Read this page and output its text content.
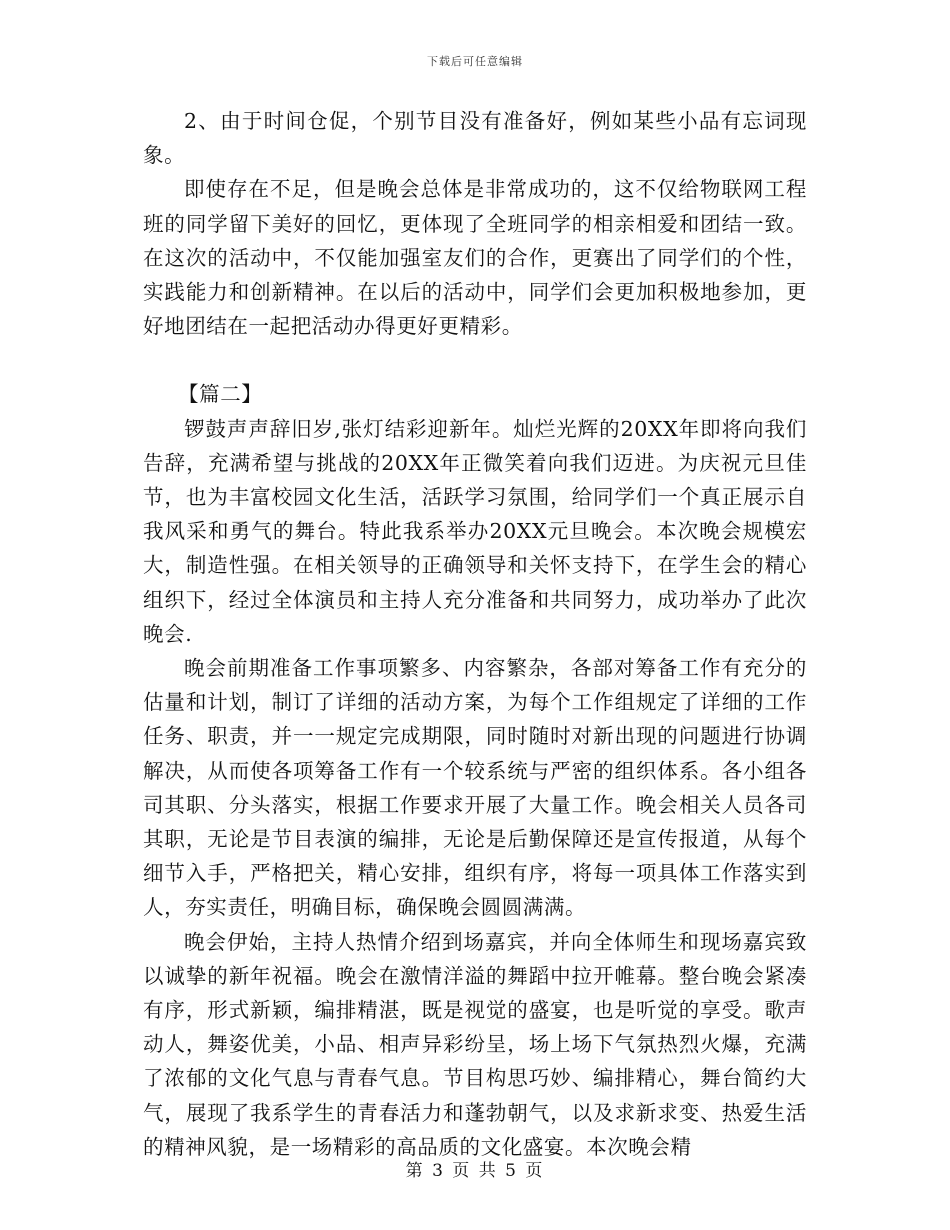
下载后可任意编辑

2、由于时间仓促，个别节目没有准备好，例如某些小品有忘词现象。

即使存在不足，但是晚会总体是非常成功的，这不仅给物联网工程班的同学留下美好的回忆，更体现了全班同学的相亲相爱和团结一致。在这次的活动中，不仅能加强室友们的合作，更赛出了同学们的个性，实践能力和创新精神。在以后的活动中，同学们会更加积极地参加，更好地团结在一起把活动办得更好更精彩。

【篇二】

锣鼓声声辞旧岁,张灯结彩迎新年。灿烂光辉的20XX年即将向我们告辞，充满希望与挑战的20XX年正微笑着向我们迈进。为庆祝元旦佳节，也为丰富校园文化生活，活跃学习氛围，给同学们一个真正展示自我风采和勇气的舞台。特此我系举办20XX元旦晚会。本次晚会规模宏大，制造性强。在相关领导的正确领导和关怀支持下，在学生会的精心组织下，经过全体演员和主持人充分准备和共同努力，成功举办了此次晚会.

晚会前期准备工作事项繁多、内容繁杂，各部对筹备工作有充分的估量和计划，制订了详细的活动方案，为每个工作组规定了详细的工作任务、职责，并一一规定完成期限，同时随时对新出现的问题进行协调解决，从而使各项筹备工作有一个较系统与严密的组织体系。各小组各司其职、分头落实，根据工作要求开展了大量工作。晚会相关人员各司其职，无论是节目表演的编排，无论是后勤保障还是宣传报道，从每个细节入手，严格把关，精心安排，组织有序，将每一项具体工作落实到人，夯实责任，明确目标，确保晚会圆圆满满。

晚会伊始，主持人热情介绍到场嘉宾，并向全体师生和现场嘉宾致以诚挚的新年祝福。晚会在激情洋溢的舞蹈中拉开帷幕。整台晚会紧凑有序，形式新颖，编排精湛，既是视觉的盛宴，也是听觉的享受。歌声动人，舞姿优美，小品、相声异彩纷呈，场上场下气氛热烈火爆，充满了浓郁的文化气息与青春气息。节目构思巧妙、编排精心，舞台简约大气，展现了我系学生的青春活力和蓬勃朝气，以及求新求变、热爱生活的精神风貌，是一场精彩的高品质的文化盛宴。本次晚会精

第 3 页 共 5 页
